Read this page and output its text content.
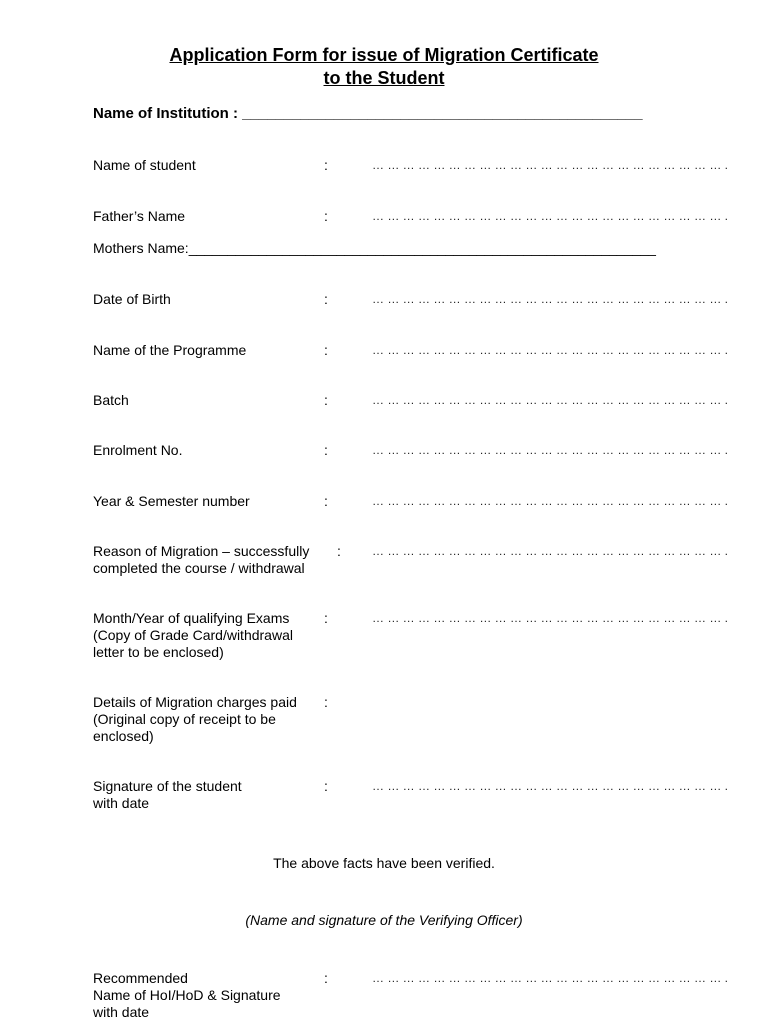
Application Form for issue of Migration Certificate
to the Student
Name of Institution : ________________________________________________
Name of student	:	… … … … … … … … … … … … … … … … … … … … … … … .
Father’s Name	:	… … … … … … … … … … … … … … … … … … … … … … … .
Mothers Name:____________________________________________________________
Date of Birth	:	… … … … … … … … … … … … … … … … … … … … … … … .
Name of the Programme	:	… … … … … … … … … … … … … … … … … … … … … … … .
Batch	:	… … … … … … … … … … … … … … … … … … … … … … … .
Enrolment No.	:	… … … … … … … … … … … … … … … … … … … … … … … .
Year & Semester number	:	… … … … … … … … … … … … … … … … … … … … … … … .
Reason of Migration – successfully
completed the course / withdrawal
:	… … … … … … … … … … … … … … … … … … … … … … … .
Month/Year of qualifying Exams
(Copy of Grade Card/withdrawal
letter to be enclosed)
:	… … … … … … … … … … … … … … … … … … … … … … … .
Details of Migration charges paid
(Original copy of receipt to be
enclosed)
:
Signature of the student
with date
:	… … … … … … … … … … … … … … … … … … … … … … … .
The above facts have been verified.
(Name and signature of the Verifying Officer)
Recommended
Name of HoI/HoD & Signature
with date
:	… … … … … … … … … … … … … … … … … … … … … … … .
